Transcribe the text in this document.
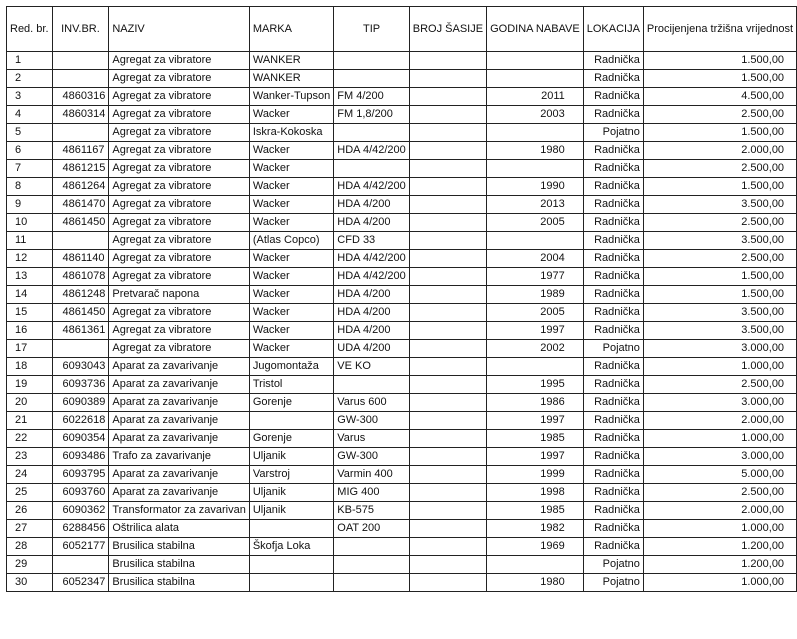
Red. br.	INV.BR.	NAZIV	MARKA	TIP	BROJ ŠASIJE	GODINA NABAVE	LOKACIJA	Procijenjena tržišna vrijednost
1		Agregat za vibratore	WANKER				Radnička	1.500,00
2		Agregat za vibratore	WANKER				Radnička	1.500,00
3	4860316	Agregat za vibratore	Wanker-Tupson	FM 4/200		2011	Radnička	4.500,00
4	4860314	Agregat za vibratore	Wacker	FM 1,8/200		2003	Radnička	2.500,00
5		Agregat za vibratore	Iskra-Kokoska				Pojatno	1.500,00
6	4861167	Agregat za vibratore	Wacker	HDA 4/42/200		1980	Radnička	2.000,00
7	4861215	Agregat za vibratore	Wacker				Radnička	2.500,00
8	4861264	Agregat za vibratore	Wacker	HDA 4/42/200		1990	Radnička	1.500,00
9	4861470	Agregat za vibratore	Wacker	HDA 4/200		2013	Radnička	3.500,00
10	4861450	Agregat za vibratore	Wacker	HDA 4/200		2005	Radnička	2.500,00
11		Agregat za vibratore	(Atlas Copco)	CFD 33			Radnička	3.500,00
12	4861140	Agregat za vibratore	Wacker	HDA 4/42/200		2004	Radnička	2.500,00
13	4861078	Agregat za vibratore	Wacker	HDA 4/42/200		1977	Radnička	1.500,00
14	4861248	Pretvarač napona	Wacker	HDA 4/200		1989	Radnička	1.500,00
15	4861450	Agregat za vibratore	Wacker	HDA 4/200		2005	Radnička	3.500,00
16	4861361	Agregat za vibratore	Wacker	HDA 4/200		1997	Radnička	3.500,00
17		Agregat za vibratore	Wacker	UDA 4/200		2002	Pojatno	3.000,00
18	6093043	Aparat za zavarivanje	Jugomontaža	VE KO			Radnička	1.000,00
19	6093736	Aparat za zavarivanje	Tristol			1995	Radnička	2.500,00
20	6090389	Aparat za zavarivanje	Gorenje	Varus 600		1986	Radnička	3.000,00
21	6022618	Aparat za zavarivanje		GW-300		1997	Radnička	2.000,00
22	6090354	Aparat za zavarivanje	Gorenje	Varus		1985	Radnička	1.000,00
23	6093486	Trafo za zavarivanje	Uljanik	GW-300		1997	Radnička	3.000,00
24	6093795	Aparat za zavarivanje	Varstroj	Varmin 400		1999	Radnička	5.000,00
25	6093760	Aparat za zavarivanje	Uljanik	MIG 400		1998	Radnička	2.500,00
26	6090362	Transformator za zavarivan	Uljanik	KB-575		1985	Radnička	2.000,00
27	6288456	Oštrilica alata		OAT 200		1982	Radnička	1.000,00
28	6052177	Brusilica stabilna	Škofja Loka			1969	Radnička	1.200,00
29		Brusilica stabilna					Pojatno	1.200,00
30	6052347	Brusilica stabilna				1980	Pojatno	1.000,00
